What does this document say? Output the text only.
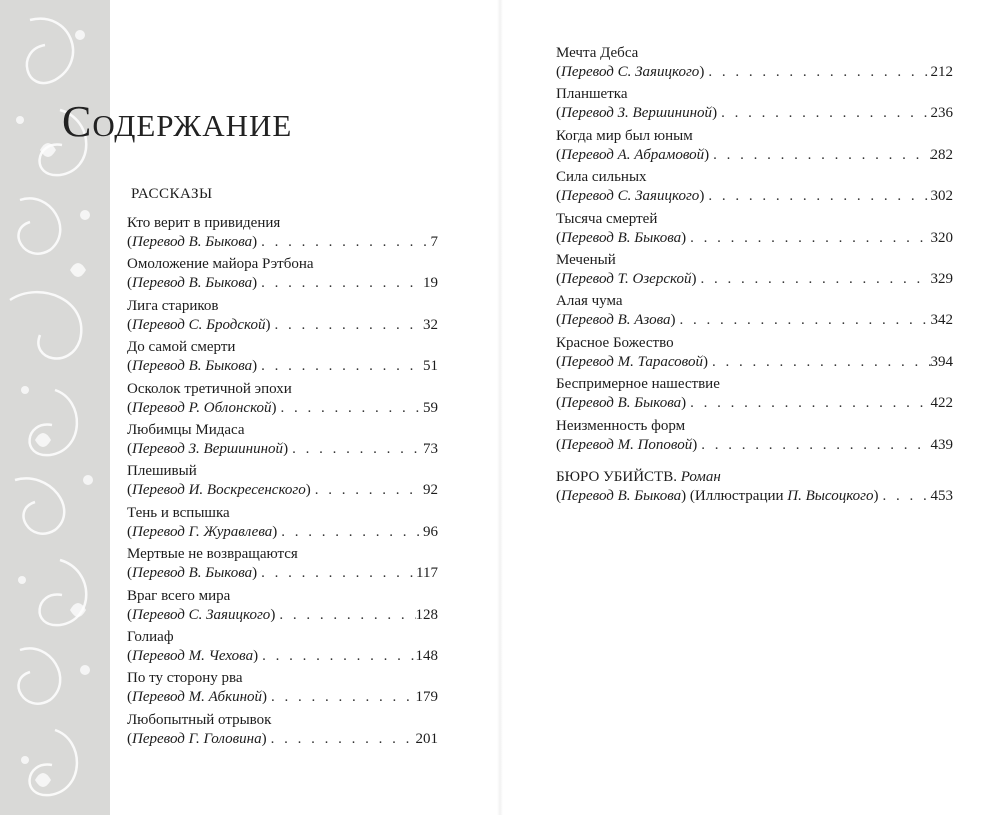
Содержание
РАССКАЗЫ
Кто верит в привидения
(Перевод В. Быкова) . . .	7
Омоложение майора Рэтбона
(Перевод В. Быкова) . . .	19
Лига стариков
(Перевод С. Бродской) . . .	32
До самой смерти
(Перевод В. Быкова) . . .	51
Осколок третичной эпохи
(Перевод Р. Облонской) . . .	59
Любимцы Мидаса
(Перевод З. Вершининой) . . .	73
Плешивый
(Перевод И. Воскресенского) . . .	92
Тень и вспышка
(Перевод Г. Журавлева) . . .	96
Мертвые не возвращаются
(Перевод В. Быкова) . . .	117
Враг всего мира
(Перевод С. Заяицкого) . . .	128
Голиаф
(Перевод М. Чехова) . . .	148
По ту сторону рва
(Перевод М. Абкиной) . . .	179
Любопытный отрывок
(Перевод Г. Головина) . . .	201
Мечта Дебса
(Перевод С. Заяицкого) . . .	212
Планшетка
(Перевод З. Вершининой) . . .	236
Когда мир был юным
(Перевод А. Абрамовой) . . .	282
Сила сильных
(Перевод С. Заяицкого) . . .	302
Тысяча смертей
(Перевод В. Быкова) . . .	320
Меченый
(Перевод Т. Озерской) . . .	329
Алая чума
(Перевод В. Азова) . . .	342
Красное Божество
(Перевод М. Тарасовой) . . .	394
Беспримерное нашествие
(Перевод В. Быкова) . . .	422
Неизменность форм
(Перевод М. Поповой) . . .	439
БЮРО УБИЙСТВ. Роман
(Перевод В. Быкова) (Иллюстрации П. Высоцкого) . . .	453
